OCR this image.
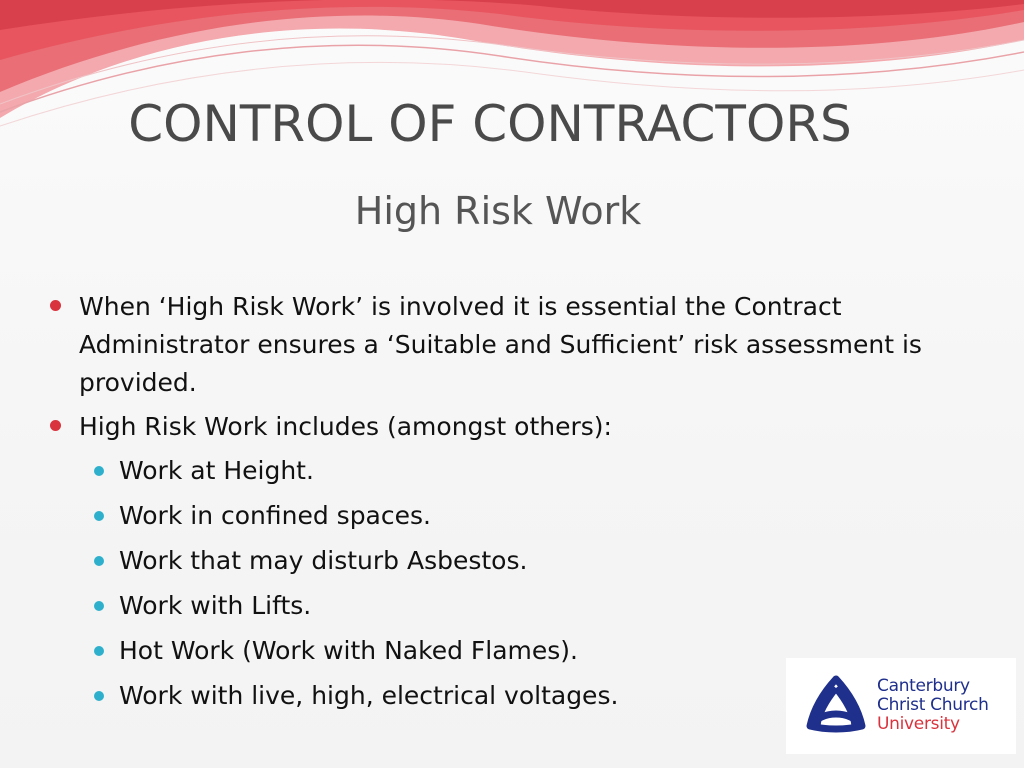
CONTROL OF CONTRACTORS
High Risk Work
When ‘High Risk Work’ is involved it is essential the Contract Administrator ensures a ‘Suitable and Sufficient’ risk assessment is provided.
High Risk Work includes (amongst others):
Work at Height.
Work in confined spaces.
Work that may disturb Asbestos.
Work with Lifts.
Hot Work (Work with Naked Flames).
Work with live, high, electrical voltages.	Canterbury
Christ Church
University
